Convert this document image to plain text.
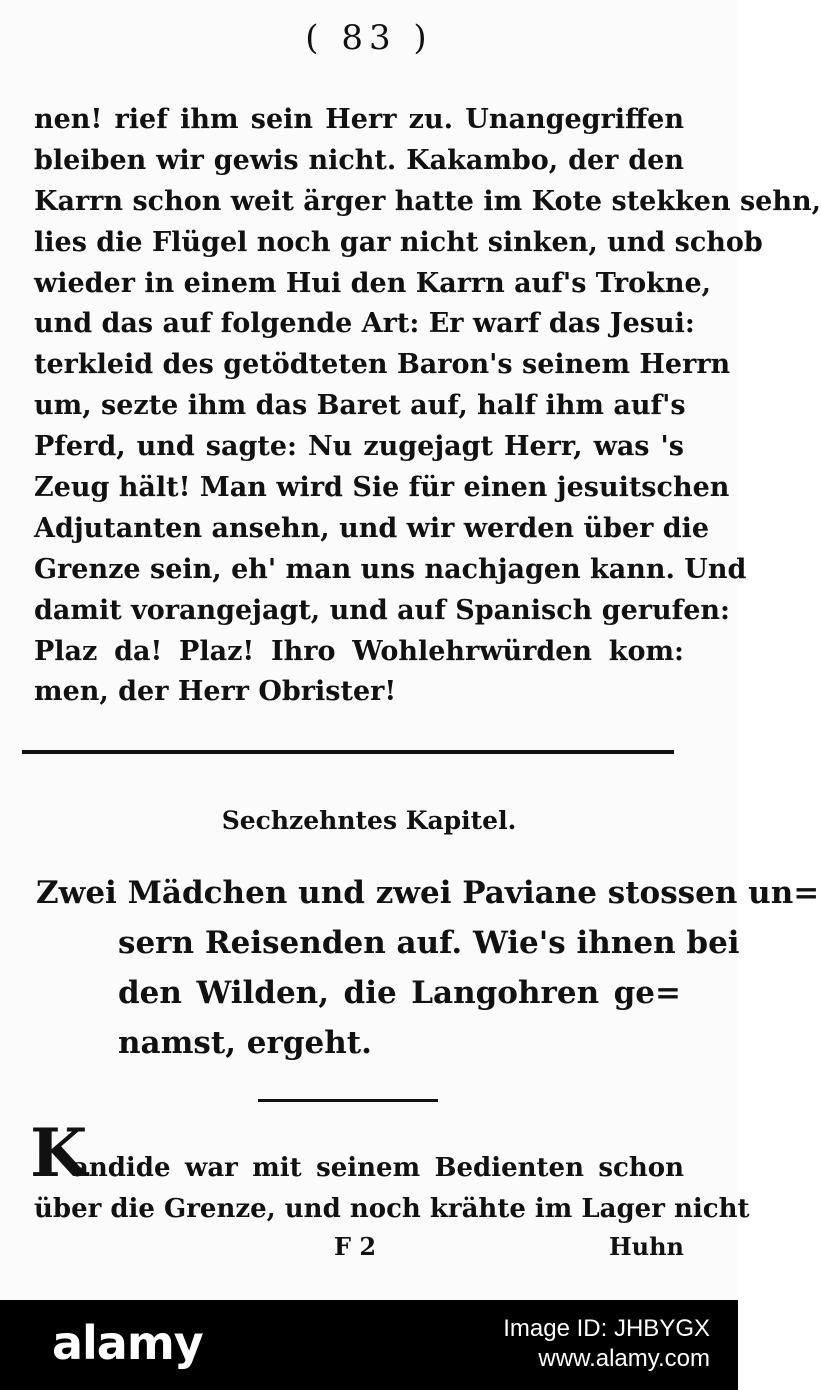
( 83 )
nen! rief ihm sein Herr zu. Unangegriffen
bleiben wir gewis nicht. Kakambo, der den
Karrn schon weit ärger hatte im Kote stekken sehn,
lies die Flügel noch gar nicht sinken, und schob
wieder in einem Hui den Karrn auf's Trokne,
und das auf folgende Art: Er warf das Jesui:
terkleid des getödteten Baron's seinem Herrn
um, sezte ihm das Baret auf, half ihm auf's
Pferd, und sagte: Nu zugejagt Herr, was 's
Zeug hält! Man wird Sie für einen jesuitschen
Adjutanten ansehn, und wir werden über die
Grenze sein, eh' man uns nachjagen kann. Und
damit vorangejagt, und auf Spanisch gerufen:
Plaz da! Plaz! Ihro Wohlehrwürden kom:
men, der Herr Obrister!
Sechzehntes Kapitel.
Zwei Mädchen und zwei Paviane stossen un=
sern Reisenden auf. Wie's ihnen bei
den Wilden, die Langohren ge=
namst, ergeht.
K
andide war mit seinem Bedienten schon
über die Grenze, und noch krähte im Lager nicht
F 2	Huhn
alamy	Image ID: JHBYGX
www.alamy.com
